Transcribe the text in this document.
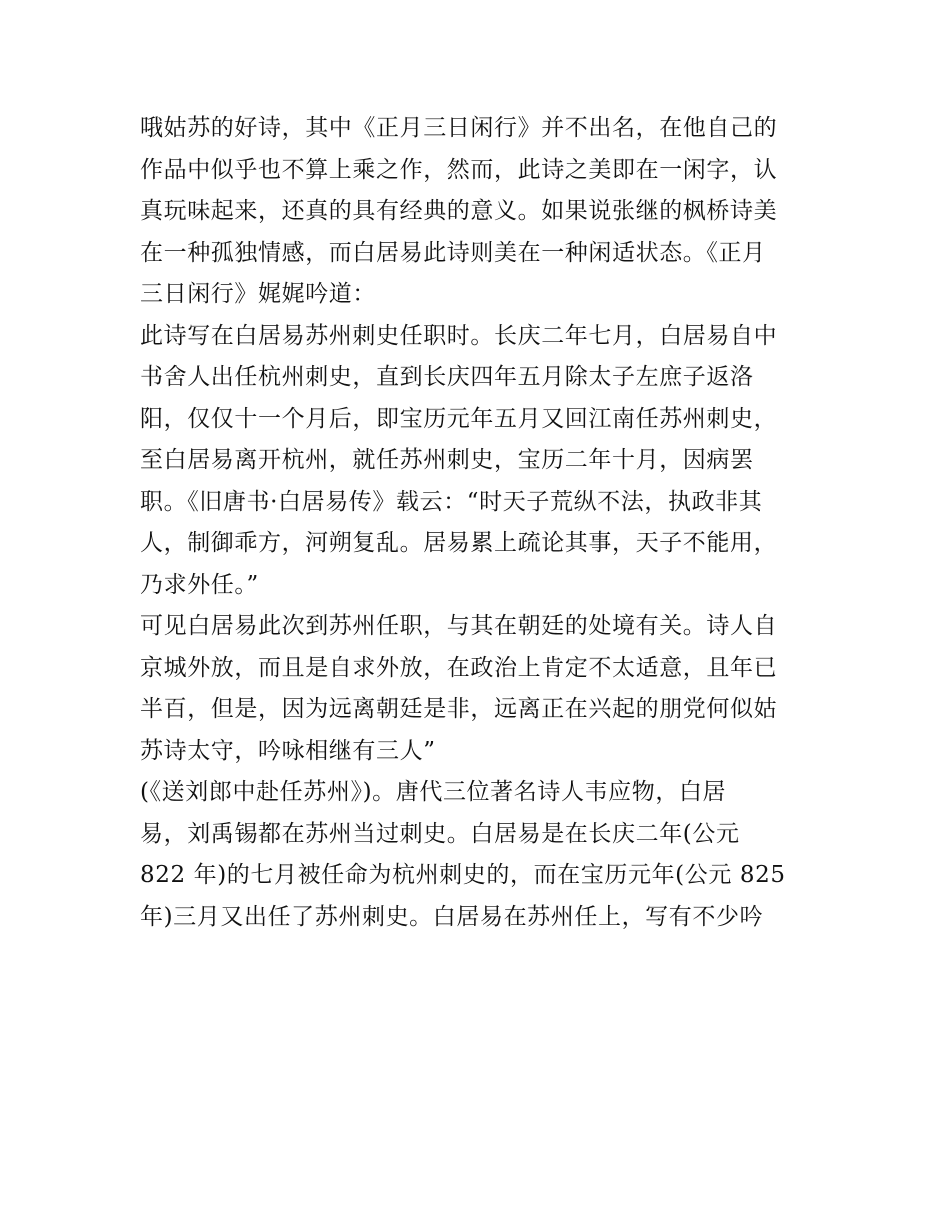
哦姑苏的好诗，其中《正月三日闲行》并不出名，在他自己的
作品中似乎也不算上乘之作，然而，此诗之美即在一闲字，认
真玩味起来，还真的具有经典的意义。如果说张继的枫桥诗美
在一种孤独情感，而白居易此诗则美在一种闲适状态。《正月
三日闲行》娓娓吟道：
此诗写在白居易苏州刺史任职时。长庆二年七月，白居易自中
书舍人出任杭州刺史，直到长庆四年五月除太子左庶子返洛
阳，仅仅十一个月后，即宝历元年五月又回江南任苏州刺史，
至白居易离开杭州，就任苏州刺史，宝历二年十月，因病罢
职。《旧唐书·白居易传》载云：“时天子荒纵不法，执政非其
人，制御乖方，河朔复乱。居易累上疏论其事，天子不能用，
乃求外任。”
可见白居易此次到苏州任职，与其在朝廷的处境有关。诗人自
京城外放，而且是自求外放，在政治上肯定不太适意，且年已
半百，但是，因为远离朝廷是非，远离正在兴起的朋党何似姑
苏诗太守，吟咏相继有三人”
(《送刘郎中赴任苏州》)。唐代三位著名诗人韦应物，白居
易，刘禹锡都在苏州当过刺史。白居易是在长庆二年(公元
822 年)的七月被任命为杭州刺史的，而在宝历元年(公元 825
年)三月又出任了苏州刺史。白居易在苏州任上，写有不少吟
